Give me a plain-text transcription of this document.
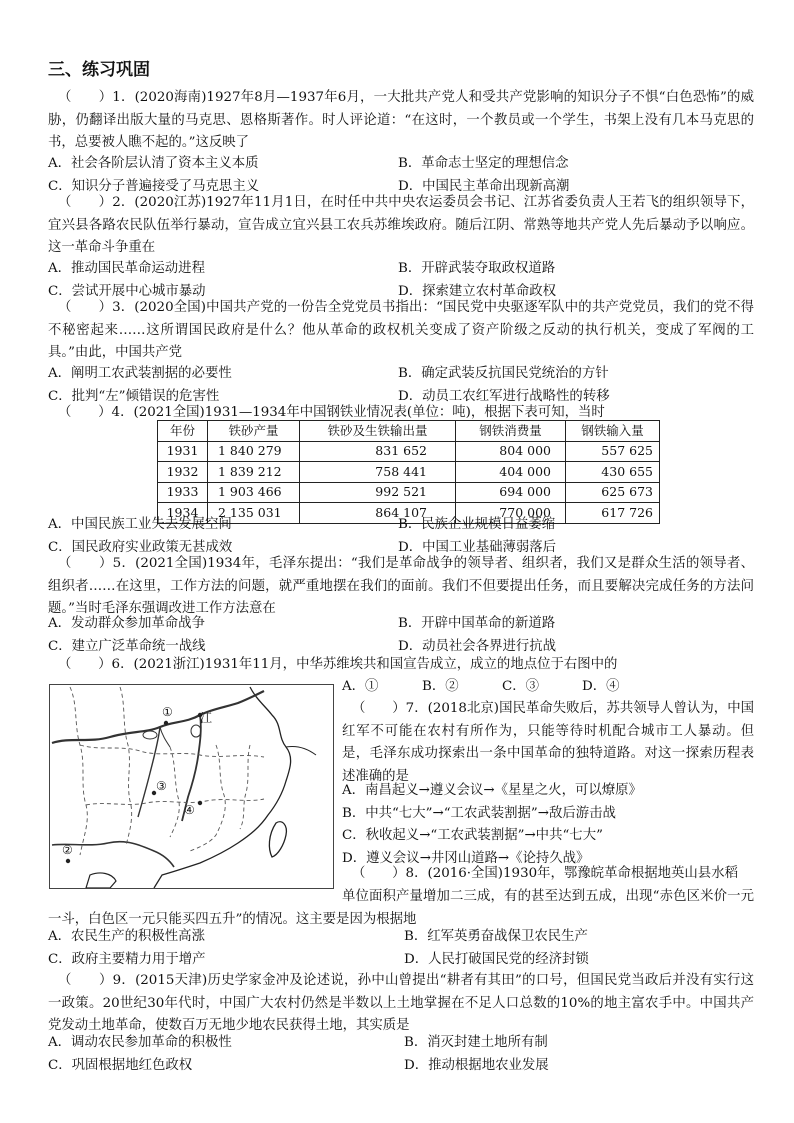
三、练习巩固
（　　）1．(2020海南)1927年8月—1937年6月，一大批共产党人和受共产党影响的知识分子不惧“白色恐怖”的威胁，仍翻译出版大量的马克思、恩格斯著作。时人评论道：“在这时，一个教员或一个学生，书架上没有几本马克思的书，总要被人瞧不起的。”这反映了
A．社会各阶层认清了资本主义本质	B．革命志士坚定的理想信念
C．知识分子普遍接受了马克思主义	D．中国民主革命出现新高潮
（　　）2．(2020江苏)1927年11月1日，在时任中共中央农运委员会书记、江苏省委负责人王若飞的组织领导下，宜兴县各路农民队伍举行暴动，宣告成立宜兴县工农兵苏维埃政府。随后江阴、常熟等地共产党人先后暴动予以响应。这一革命斗争重在
A．推动国民革命运动进程	B．开辟武装夺取政权道路
C．尝试开展中心城市暴动	D．探索建立农村革命政权
（　　）3．(2020全国)中国共产党的一份告全党党员书指出：“国民党中央驱逐军队中的共产党党员，我们的党不得不秘密起来……这所谓国民政府是什么？他从革命的政权机关变成了资产阶级之反动的执行机关，变成了军阀的工具。”由此，中国共产党
A．阐明工农武装割据的必要性	B．确定武装反抗国民党统治的方针
C．批判“左”倾错误的危害性	D．动员工农红军进行战略性的转移
（　　）4．(2021全国)1931—1934年中国钢铁业情况表(单位：吨)，根据下表可知，当时
年份	铁砂产量	铁砂及生铁输出量	钢铁消费量	钢铁输入量
1931	1 840 279	831 652	804 000	557 625
1932	1 839 212	758 441	404 000	430 655
1933	1 903 466	992 521	694 000	625 673
1934	2 135 031	864 107	770 000	617 726
A．中国民族工业失去发展空间	B．民族企业规模日益萎缩
C．国民政府实业政策无甚成效	D．中国工业基础薄弱落后
（　　）5．(2021全国)1934年，毛泽东提出：“我们是革命战争的领导者、组织者，我们又是群众生活的领导者、组织者……在这里，工作方法的问题，就严重地摆在我们的面前。我们不但要提出任务，而且要解决完成任务的方法问题。”当时毛泽东强调改进工作方法意在
A．发动群众参加革命战争	B．开辟中国革命的新道路
C．建立广泛革命统一战线	D．动员社会各界进行抗战
（　　）6．(2021浙江)1931年11月，中华苏维埃共和国宣告成立，成立的地点位于右图中的
① 江
②
③
④
A．①	B．②	C．③	D．④
（　　）7．(2018北京)国民革命失败后，苏共领导人曾认为，中国红军不可能在农村有所作为，只能等待时机配合城市工人暴动。但是，毛泽东成功探索出一条中国革命的独特道路。对这一探索历程表述准确的是
A．南昌起义→遵义会议→《星星之火，可以燎原》
B．中共“七大”→“工农武装割据”→敌后游击战
C．秋收起义→“工农武装割据”→中共“七大”
D．遵义会议→井冈山道路→《论持久战》
（　　）8．(2016·全国)1930年，鄂豫皖革命根据地英山县水稻
单位面积产量增加二三成，有的甚至达到五成，出现“赤色区米价一元一斗，白色区一元只能买四五升”的情况。这主要是因为根据地
A．农民生产的积极性高涨	B．红军英勇奋战保卫农民生产
C．政府主要精力用于增产	D．人民打破国民党的经济封锁
（　　）9．(2015天津)历史学家金冲及论述说，孙中山曾提出“耕者有其田”的口号，但国民党当政后并没有实行这一政策。20世纪30年代时，中国广大农村仍然是半数以上土地掌握在不足人口总数的10%的地主富农手中。中国共产党发动土地革命，使数百万无地少地农民获得土地，其实质是
A．调动农民参加革命的积极性	B．消灭封建土地所有制
C．巩固根据地红色政权	D．推动根据地农业发展
